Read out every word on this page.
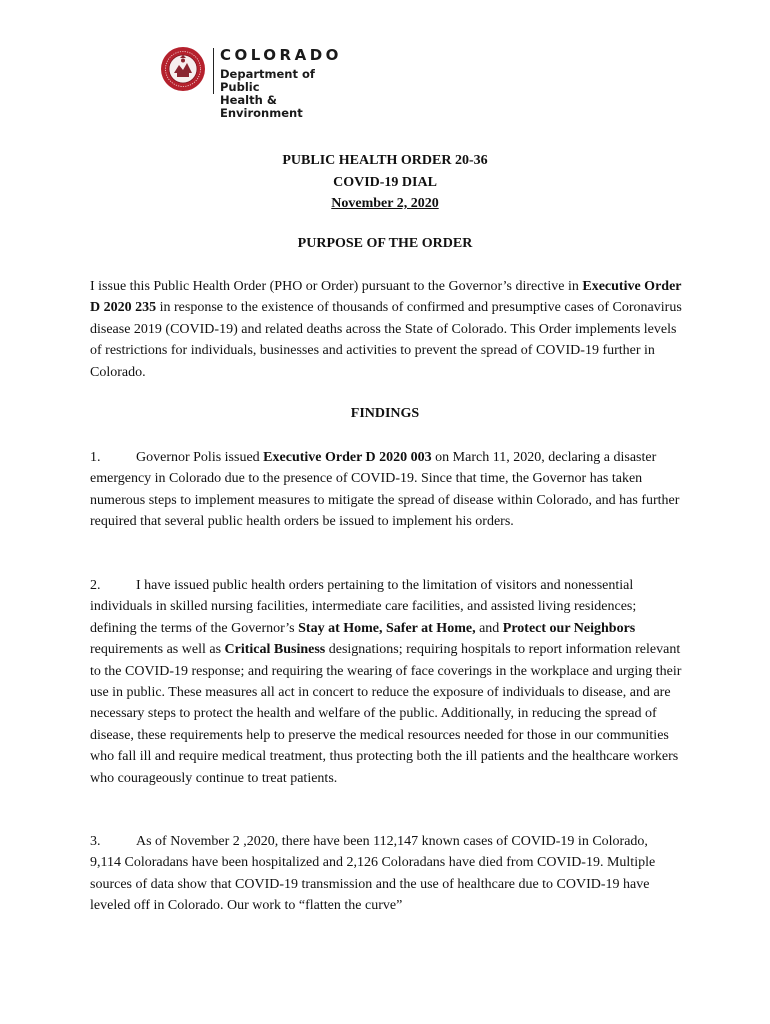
COLORADO
Department of Public
Health & Environment
PUBLIC HEALTH ORDER 20-36
COVID-19 DIAL
November 2, 2020
PURPOSE OF THE ORDER
I issue this Public Health Order (PHO or Order) pursuant to the Governor’s directive in Executive Order D 2020 235 in response to the existence of thousands of confirmed and presumptive cases of Coronavirus disease 2019 (COVID-19) and related deaths across the State of Colorado. This Order implements levels of restrictions for individuals, businesses and activities to prevent the spread of COVID-19 further in Colorado.
FINDINGS
1.	Governor Polis issued Executive Order D 2020 003 on March 11, 2020, declaring a disaster emergency in Colorado due to the presence of COVID-19. Since that time, the Governor has taken numerous steps to implement measures to mitigate the spread of disease within Colorado, and has further required that several public health orders be issued to implement his orders.
2.	I have issued public health orders pertaining to the limitation of visitors and nonessential individuals in skilled nursing facilities, intermediate care facilities, and assisted living residences; defining the terms of the Governor’s Stay at Home, Safer at Home, and Protect our Neighbors requirements as well as Critical Business designations; requiring hospitals to report information relevant to the COVID-19 response; and requiring the wearing of face coverings in the workplace and urging their use in public. These measures all act in concert to reduce the exposure of individuals to disease, and are necessary steps to protect the health and welfare of the public. Additionally, in reducing the spread of disease, these requirements help to preserve the medical resources needed for those in our communities who fall ill and require medical treatment, thus protecting both the ill patients and the healthcare workers who courageously continue to treat patients.
3.	As of November 2 ,2020, there have been 112,147 known cases of COVID-19 in Colorado, 9,114 Coloradans have been hospitalized and 2,126 Coloradans have died from COVID-19. Multiple sources of data show that COVID-19 transmission and the use of healthcare due to COVID-19 have leveled off in Colorado. Our work to “flatten the curve”
